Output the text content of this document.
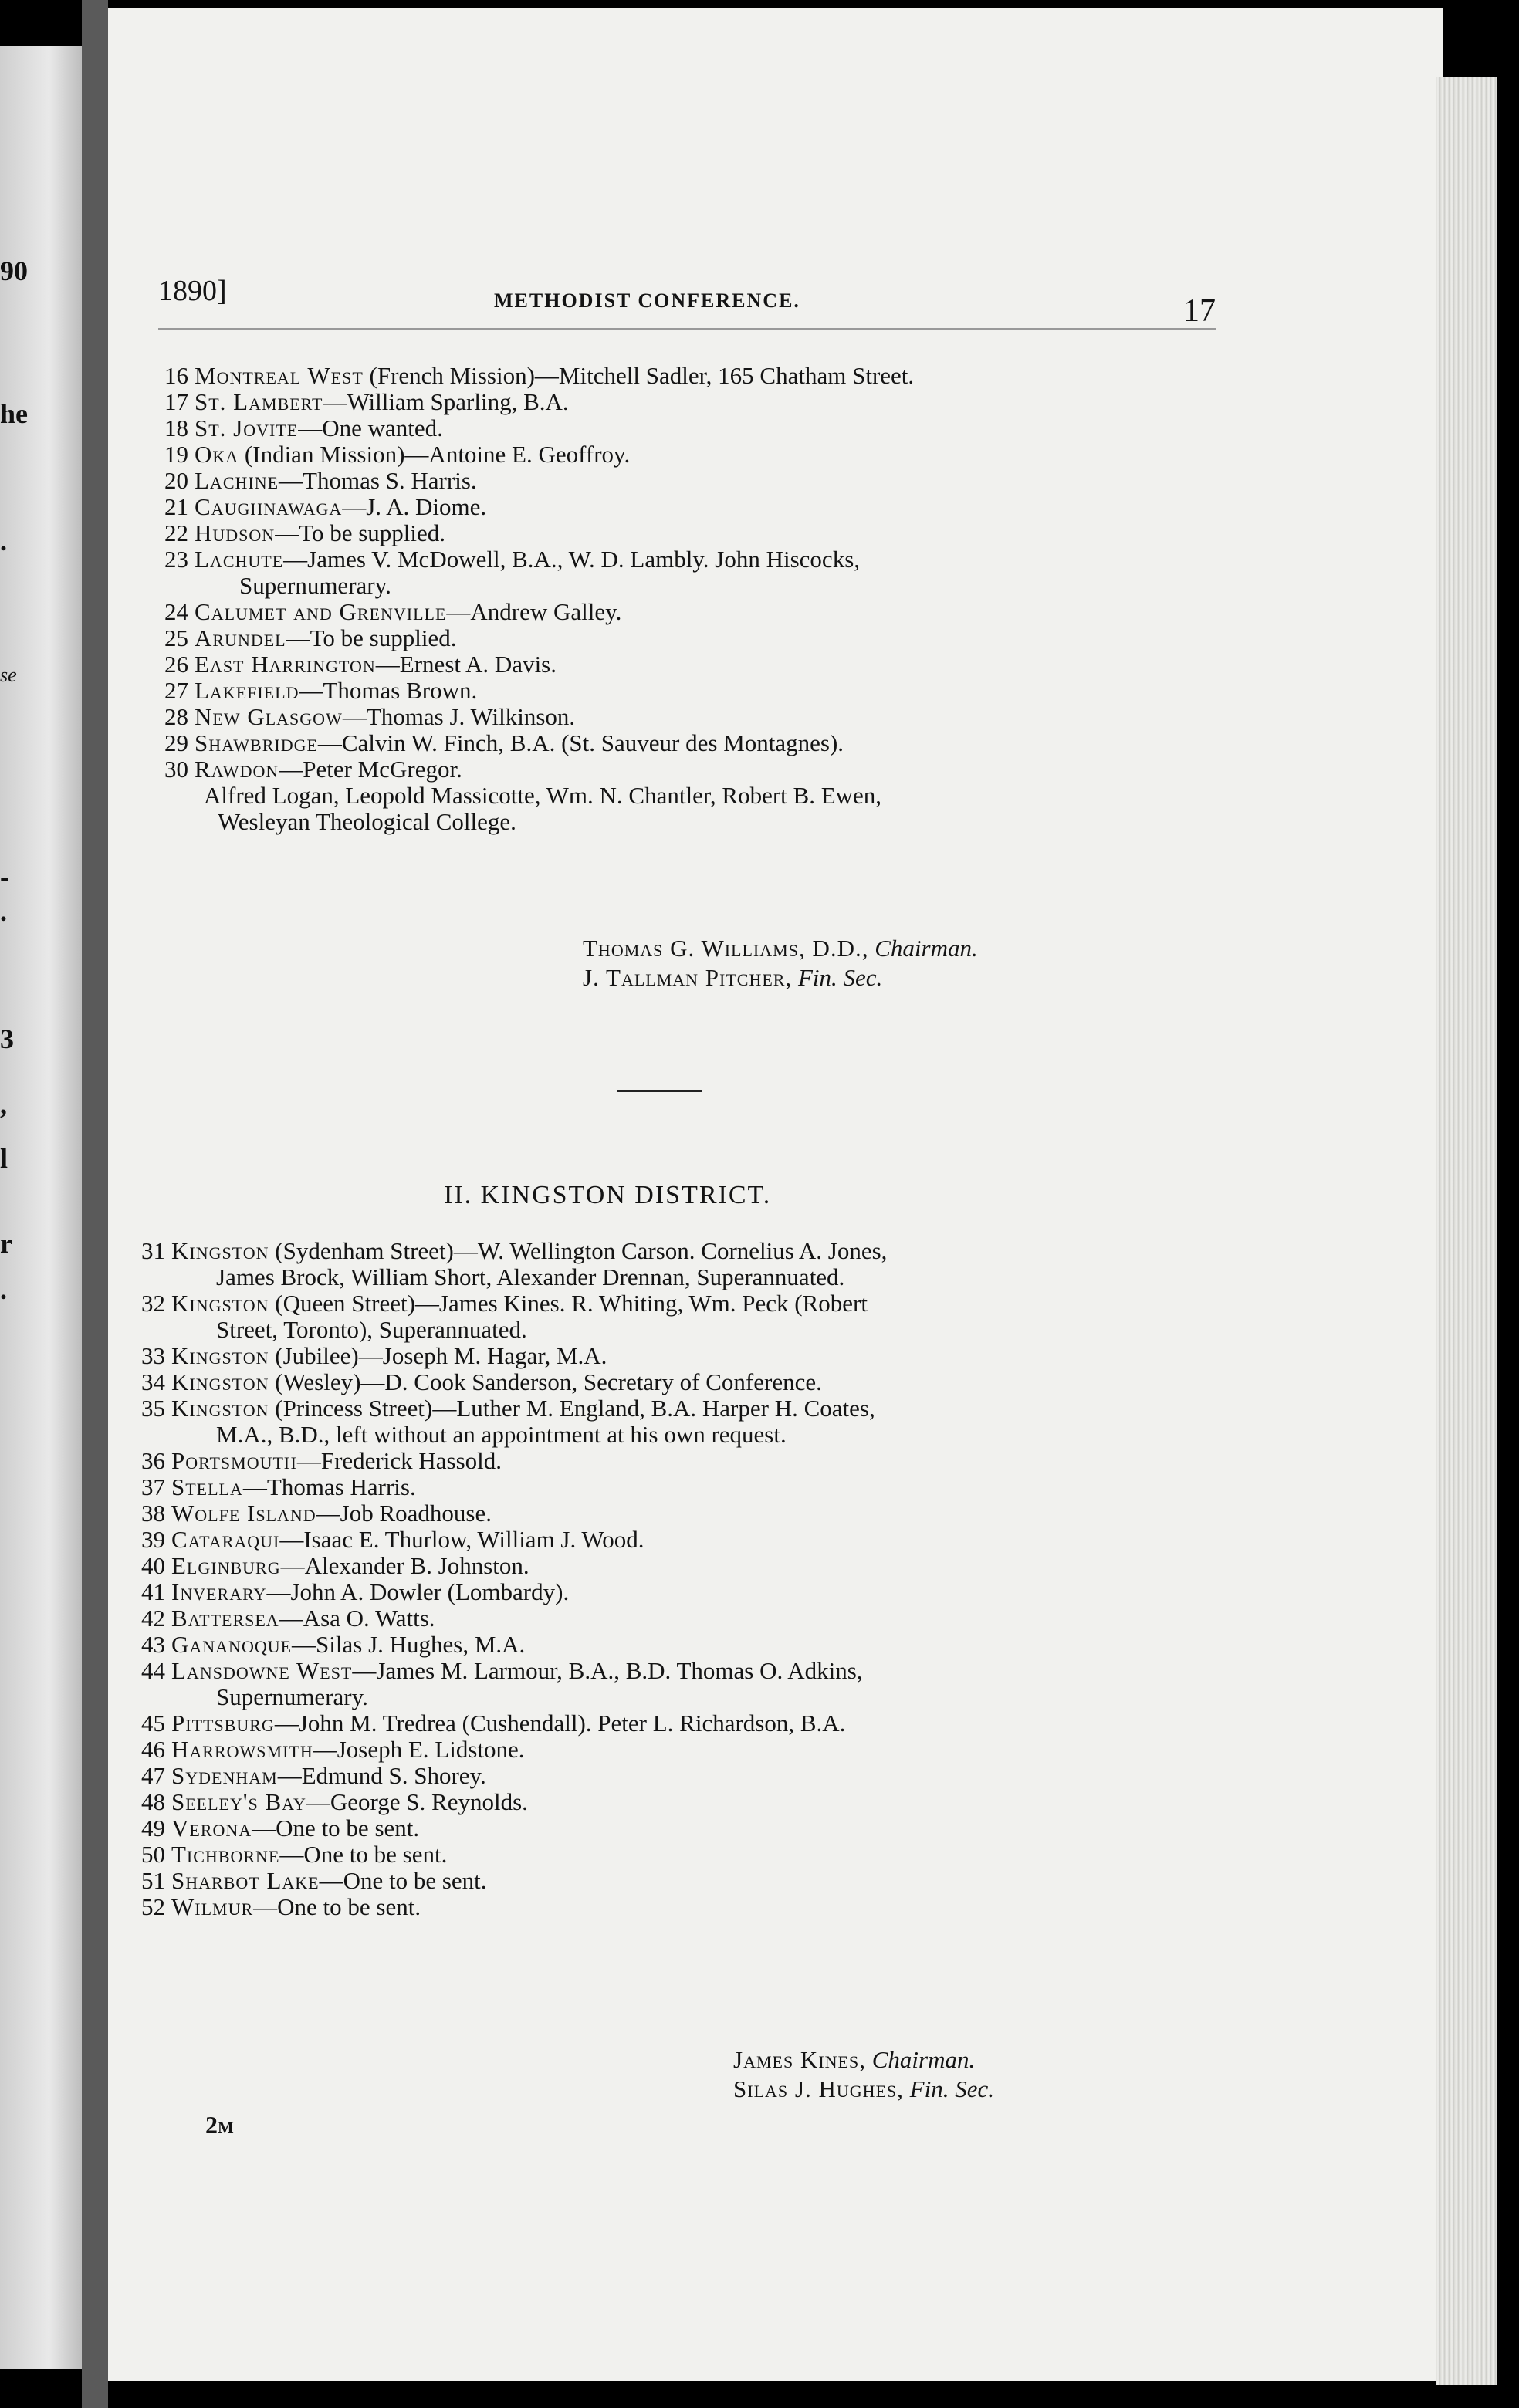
90
he
.
se
-
.
3
,
l
r
.
1890]	METHODIST CONFERENCE.	17
16 Montreal West (French Mission)—Mitchell Sadler, 165 Chatham Street.
17 St. Lambert—William Sparling, B.A.
18 St. Jovite—One wanted.
19 Oka (Indian Mission)—Antoine E. Geoffroy.
20 Lachine—Thomas S. Harris.
21 Caughnawaga—J. A. Diome.
22 Hudson—To be supplied.
23 Lachute—James V. McDowell, B.A., W. D. Lambly. John Hiscocks,
Supernumerary.
24 Calumet and Grenville—Andrew Galley.
25 Arundel—To be supplied.
26 East Harrington—Ernest A. Davis.
27 Lakefield—Thomas Brown.
28 New Glasgow—Thomas J. Wilkinson.
29 Shawbridge—Calvin W. Finch, B.A. (St. Sauveur des Montagnes).
30 Rawdon—Peter McGregor.
Alfred Logan, Leopold Massicotte, Wm. N. Chantler, Robert B. Ewen,
Wesleyan Theological College.
Thomas G. Williams, D.D., Chairman.
J. Tallman Pitcher, Fin. Sec.
II. KINGSTON DISTRICT.
31 Kingston (Sydenham Street)—W. Wellington Carson. Cornelius A. Jones,
James Brock, William Short, Alexander Drennan, Superannuated.
32 Kingston (Queen Street)—James Kines. R. Whiting, Wm. Peck (Robert
Street, Toronto), Superannuated.
33 Kingston (Jubilee)—Joseph M. Hagar, M.A.
34 Kingston (Wesley)—D. Cook Sanderson, Secretary of Conference.
35 Kingston (Princess Street)—Luther M. England, B.A. Harper H. Coates,
M.A., B.D., left without an appointment at his own request.
36 Portsmouth—Frederick Hassold.
37 Stella—Thomas Harris.
38 Wolfe Island—Job Roadhouse.
39 Cataraqui—Isaac E. Thurlow, William J. Wood.
40 Elginburg—Alexander B. Johnston.
41 Inverary—John A. Dowler (Lombardy).
42 Battersea—Asa O. Watts.
43 Gananoque—Silas J. Hughes, M.A.
44 Lansdowne West—James M. Larmour, B.A., B.D. Thomas O. Adkins,
Supernumerary.
45 Pittsburg—John M. Tredrea (Cushendall). Peter L. Richardson, B.A.
46 Harrowsmith—Joseph E. Lidstone.
47 Sydenham—Edmund S. Shorey.
48 Seeley's Bay—George S. Reynolds.
49 Verona—One to be sent.
50 Tichborne—One to be sent.
51 Sharbot Lake—One to be sent.
52 Wilmur—One to be sent.
James Kines, Chairman.
Silas J. Hughes, Fin. Sec.
2M
